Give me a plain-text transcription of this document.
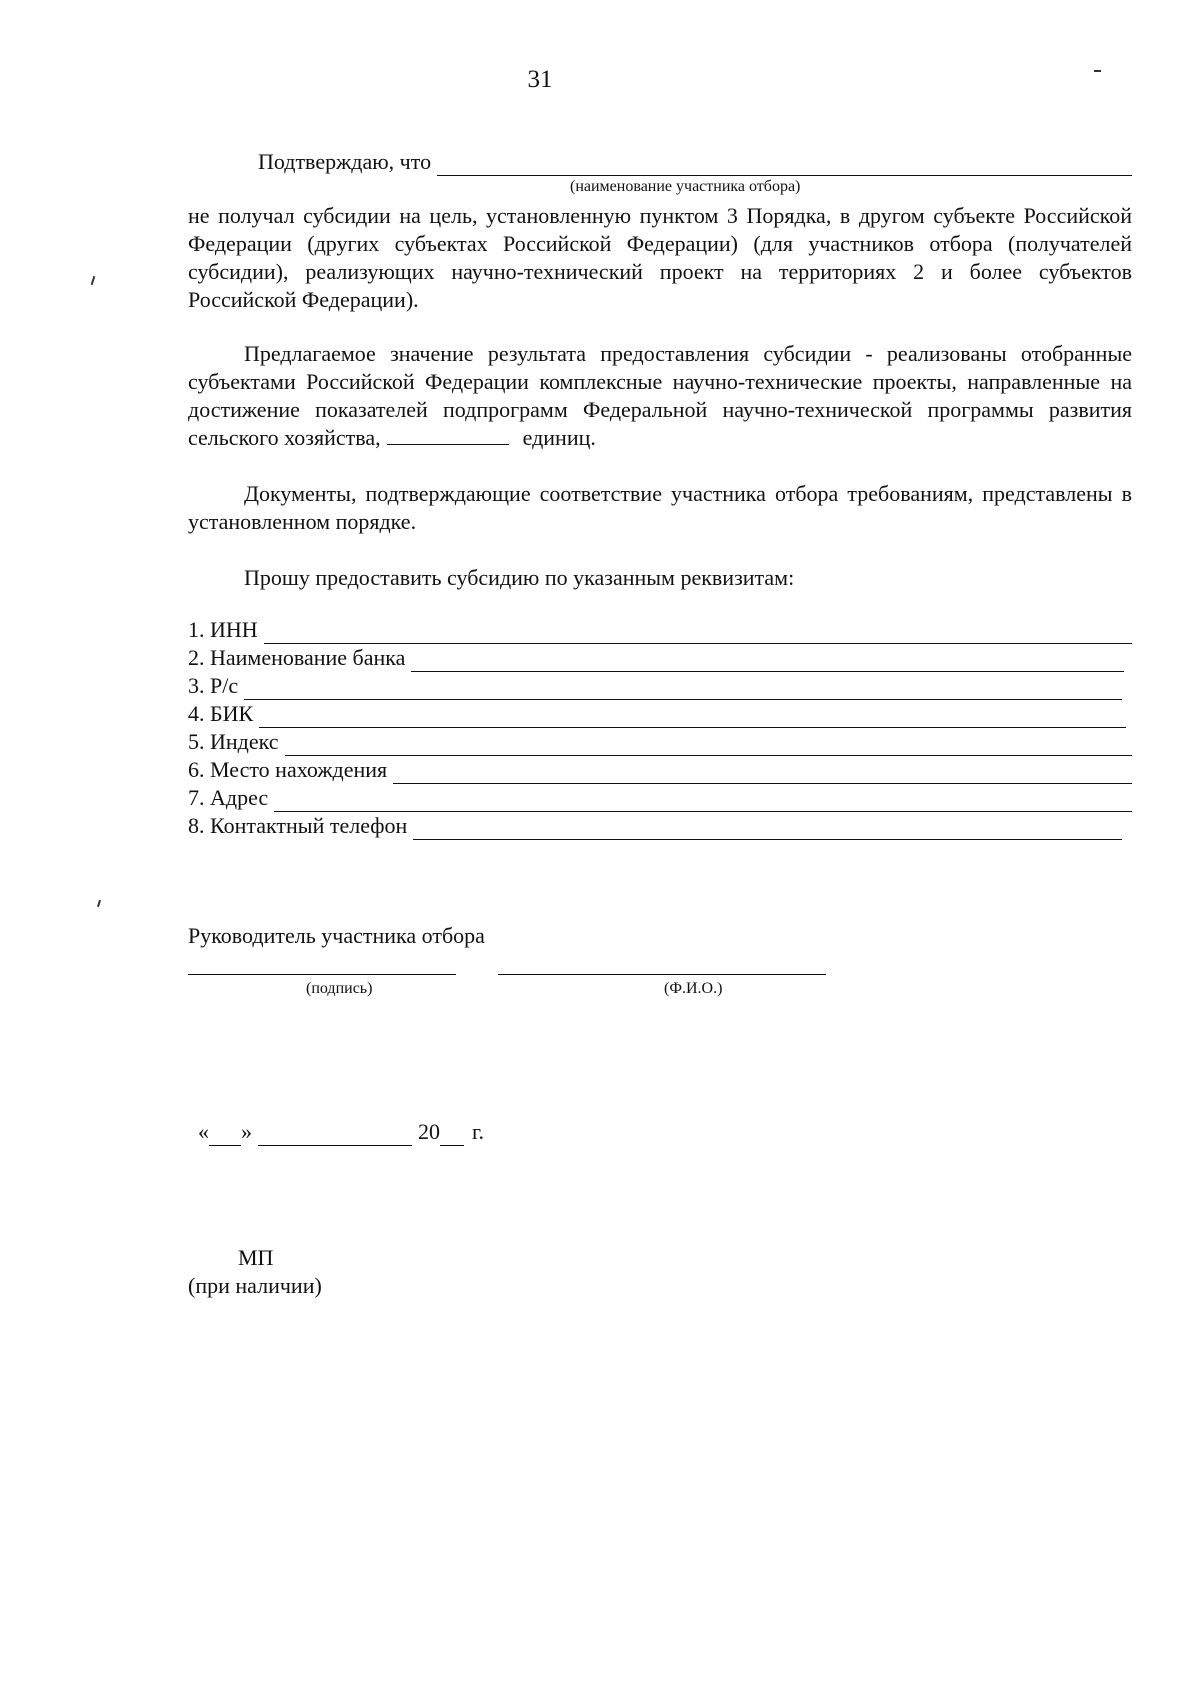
31
Подтверждаю, что
(наименование участника отбора)

не получал субсидии на цель, установленную пунктом 3 Порядка, в другом субъекте Российской Федерации (других субъектах Российской Федерации) (для участников отбора (получателей субсидии), реализующих научно-технический проект на территориях 2 и более субъектов Российской Федерации).

Предлагаемое значение результата предоставления субсидии - реализованы отобранные субъектами Российской Федерации комплексные научно-технические проекты, направленные на достижение показателей подпрограмм Федеральной научно-технической программы развития сельского хозяйства,	единиц.

Документы, подтверждающие соответствие участника отбора требованиям, представлены в установленном порядке.

Прошу предоставить субсидию по указанным реквизитам:

1. ИНН
2. Наименование банка
3. Р/с
4. БИК
5. Индекс
6. Место нахождения
7. Адрес
8. Контактный телефон
Руководитель участника отбора
(подпись)	(Ф.И.О.)
« »	20 г.
МП
(при наличии)
